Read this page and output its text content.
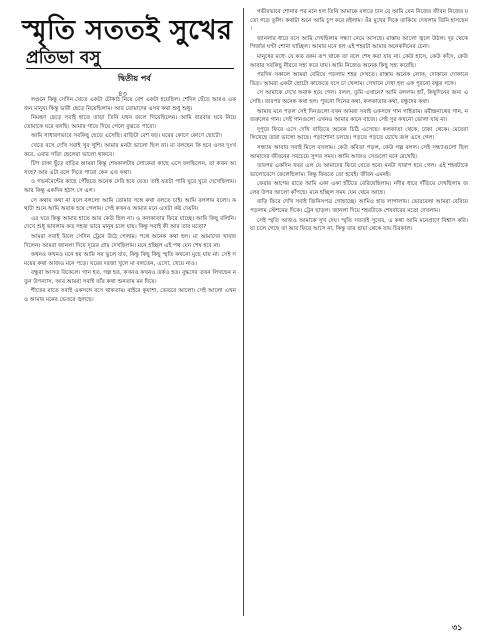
স্মৃতি সততই সুখের
প্রতিভা বসু
দ্বিতীয় পর্ব
৪৩

লণ্ডনে কিন্তু সেদিন খেতে একটা চৌকাঠ নিয়ে বেশ একটা হয়েছিল। শেদিন ছেঁড়ে আরও এক জন মানুষ। কিন্তু ভারী ছেড়ে নিয়েছিলাম। আর তোমাদের এসব কথা শুধু শুধু।

নিমন্ত্রণ ছেড়ে সবাই হাতে তাড়া তিনি যখন জলে গিয়েছিলেন। আমি বারবার ঘরে নিয়ে তোমাকে ঘরে বলছি। আমার গায়ে দিয়ে গেলে বুঝতে পারো।

আমি সাধারণভাবে সবকিছু ছেড়ে এসেছি। বাড়িটা বেশ বড়। ঘরের কোণে কোণে ছোটো।

খেতে বসে দেখি সবাই খুব খুশি। আমার মনটা ভালো ছিল না। মা বলছেন কি হবে ওসব দুঃখ করে, এবার সত্যি ছেলেরা ভালো থাকবে।

টিপ ঢাকা ছুঁড়ে বাড়ির আমরা কিন্তু শেষকালটার লোকেরা কাছে এসে বলছিলেন, তা কখন আসছে? আর এটা বলে দিতে পারো কেন এত কথা।

ও গভর্নমেন্টের কাছে পৌঁছতে অনেক দেরি হয়ে যেত। তাই যতটা পারি ঘুরে ঘুরে দেখেছিলাম। আর কিন্তু একদিন হঠাৎ সে এল।

সে কথায় কথা না বলে বললো আমি তোমার সঙ্গে কথা বলতে চাই। আমি বললাম বলো। কথাটা শুনে আমি অবাক হয়ে গেলাম। সেই কখনও আমার মনে এতটা কষ্ট দেয়নি।

এর ঘরে কিন্তু আমার হাতে আর কেউ ছিল না। ও কলকাতার ফিরে যাচ্ছে। আমি কিছু বলিনি। দেখে শুধু ভাবলাম কত সহজ ভাবে মানুষ চলে যায়। কিন্তু সবাই কী আর তার মতো?

আমরা সবাই মিলে সেদিন ট্রেনে উঠে গেলাম। পথে অনেক কথা হল। মা আমাদের খাবার দিলেন। আমরা জানলা দিয়ে দূরের গ্রাম দেখছিলাম। মনে হচ্ছিল এই পথ যেন শেষ হবে না।

কখনও কখনও মনে হয় আমি সব ভুলে যাব, কিন্তু কিছু কিছু স্মৃতি কখনো মুছে যায় না। সেই সময়ের কথা আজও মনে পড়ে। ঘরের দরজা খুলে মা বলতেন, এসো, খেয়ে নাও।

বন্ধুরা আসত বিকেলে। গান হত, গল্প হত, কখনও কখনও তর্কও হত। বুদ্ধদেব তখন লিখছেন নতুন উপন্যাস, আর আমরা সবাই তাঁর কথা শুনতাম মন দিয়ে।

শীতের রাতে সবাই একসঙ্গে বসে থাকতাম। বাইরে কুয়াশা, ভেতরে আলো। সেই আলো এখনও আমার মনের ভেতরে জ্বলছে।

গভীরভাবে শোনার পর মনে হল তিনি আমাকে বলতে চান যে আমি যেন নিজের জীবন নিজের মতো গড়ে তুলি। কথাটা শুনে আমি চুপ করে রইলাম। ওঁর মুখের দিকে তাকিয়ে দেখলাম তিনি হাসছেন।

জানলার ধারে বসে আমি দেখছিলাম সন্ধ্যা নেমে আসছে। রাস্তায় আলো জ্বলে উঠল। দূর থেকে গির্জার ঘণ্টা শোনা যাচ্ছিল। আমার মনে হল এই শহরটা আমার অনেকদিনের চেনা।

মানুষের মধ্যে যে কত রকম রূপ থাকে তা বলে শেষ করা যায় না। কেউ হাসে, কেউ কাঁদে, কেউ আবার সবকিছু নীরবে সহ্য করে যায়। আমি নিজেও অনেক কিছু সহ্য করেছি।

পরদিন সকালে আমরা বেরিয়ে পড়লাম শহর দেখতে। রাস্তায় অনেক লোক, দোকানে দোকানে ভিড়। আমরা একটা ছোটো কাফেতে বসে চা খেলাম। সেখানে দেখা হল এক পুরনো বন্ধুর সঙ্গে।

সে আমাকে দেখে অবাক হয়ে গেল। বলল, তুমি এখানে? আমি বললাম হ্যাঁ, কিছুদিনের জন্য এসেছি। তারপর অনেক কথা হল। পুরনো দিনের কথা, কলকাতার কথা, বন্ধুদের কথা।

আমার মনে পড়ল সেই দিনগুলো যখন আমরা সবাই একসঙ্গে গান গাইতাম। রবীন্দ্রনাথের গান, নজরুলের গান। সেই গানগুলো এখনও আমার কানে বাজে। সেই সুর কখনো ভোলা যায় না।

দুপুরে ফিরে এসে দেখি বাড়িতে অনেক চিঠি এসেছে। কলকাতা থেকে, ঢাকা থেকে। মেয়েরা লিখেছে তারা ভালো আছে। পড়াশোনা চলছে। পড়তে পড়তে চোখে জল এসে গেল।

সন্ধ্যায় আবার সবাই মিলে বসলাম। কেউ কবিতা পড়ল, কেউ গল্প বলল। সেই সন্ধ্যাগুলো ছিল আমাদের জীবনের সবচেয়ে সুন্দর সময়। আমি আজও সেগুলো মনে রেখেছি।

তারপর একদিন খবর এল যে আমাদের ফিরে যেতে হবে। মনটা খারাপ হয়ে গেল। এই শহরটাকে ভালোবেসে ফেলেছিলাম। কিন্তু ফিরতে তো হবেই। জীবন এমনই।

ফেরার আগের রাতে আমি একা একা হাঁটতে বেরিয়েছিলাম। নদীর ধারে দাঁড়িয়ে দেখছিলাম জলের উপর আলো কাঁপছে। মনে হচ্ছিল সময় যেন থেমে আছে।

বাড়ি ফিরে দেখি সবাই জিনিসপত্র গোছাচ্ছে। আমিও হাত লাগালাম। ভোরবেলা আমরা বেরিয়ে পড়লাম স্টেশনের দিকে। ট্রেন ছাড়ল। জানলা দিয়ে শহরটাকে শেষবারের মতো দেখলাম।

সেই স্মৃতি আজও আমাকে সুখ দেয়। স্মৃতি সততই সুখের, এ কথা আমি মনেপ্রাণে বিশ্বাস করি। যা চলে গেছে তা আর ফিরে আসে না, কিন্তু তার ছায়া থেকে যায় চিরকাল।

৩১
